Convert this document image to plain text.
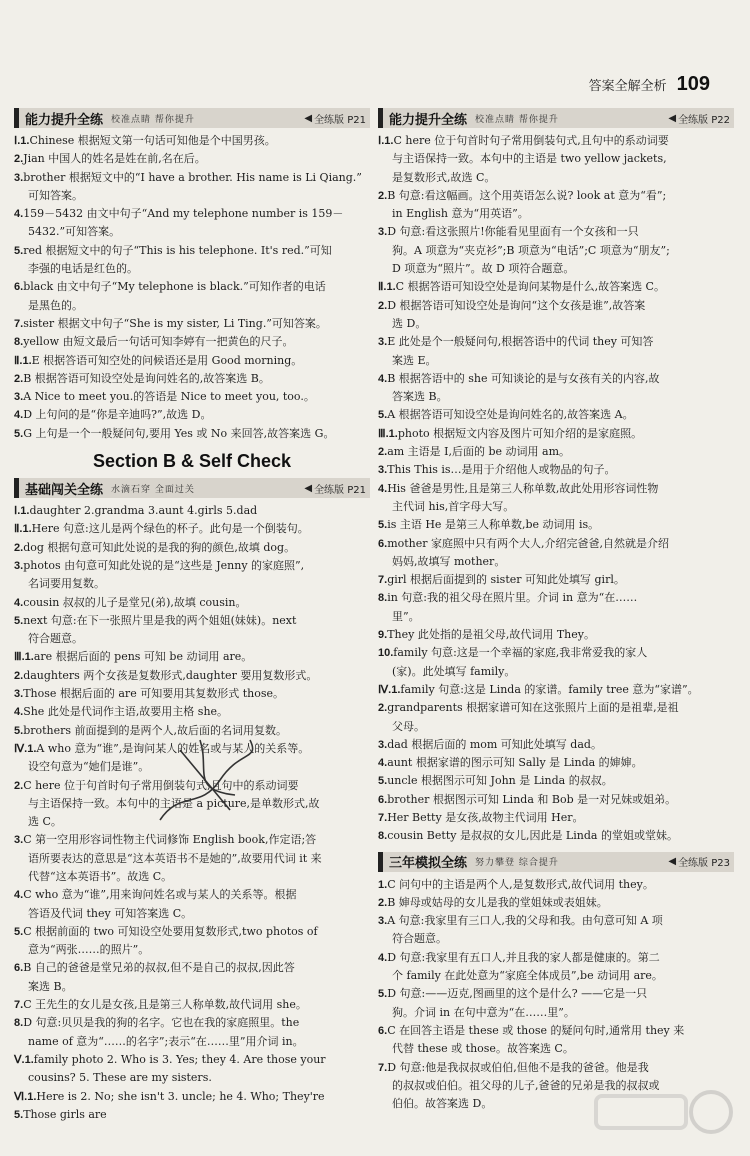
答案全解全析 109
能力提升全练 校准点睛 帮你提升	◀ 全练版 P21

Ⅰ.1.Chinese 根据短文第一句话可知他是个中国男孩。

2.Jian 中国人的姓名是姓在前,名在后。

3.brother 根据短文中的“I have a brother. His name is Li Qiang.”

可知答案。

4.159－5432 由文中句子“And my telephone number is 159－

5432.”可知答案。

5.red 根据短文中的句子“This is his telephone. It's red.”可知

李强的电话是红色的。

6.black 由文中句子“My telephone is black.”可知作者的电话

是黑色的。

7.sister 根据文中句子“She is my sister, Li Ting.”可知答案。

8.yellow 由短文最后一句话可知李婷有一把黄色的尺子。

Ⅱ.1.E 根据答语可知空处的问候语还是用 Good morning。

2.B 根据答语可知设空处是询问姓名的,故答案选 B。

3.A Nice to meet you.的答语是 Nice to meet you, too.。

4.D 上句问的是“你是辛迪吗?”,故选 D。

5.G 上句是一个一般疑问句,要用 Yes 或 No 来回答,故答案选 G。

Section B & Self Check
基础闯关全练 水滴石穿 全面过关	◀ 全练版 P21

Ⅰ.1.daughter 2.grandma 3.aunt 4.girls 5.dad

Ⅱ.1.Here 句意:这儿是两个绿色的杯子。此句是一个倒装句。

2.dog 根据句意可知此处说的是我的狗的颜色,故填 dog。

3.photos 由句意可知此处说的是“这些是 Jenny 的家庭照”,

名词要用复数。

4.cousin 叔叔的儿子是堂兄(弟),故填 cousin。

5.next 句意:在下一张照片里是我的两个姐姐(妹妹)。next

符合题意。

Ⅲ.1.are 根据后面的 pens 可知 be 动词用 are。

2.daughters 两个女孩是复数形式,daughter 要用复数形式。

3.Those 根据后面的 are 可知要用其复数形式 those。

4.She 此处是代词作主语,故要用主格 she。

5.brothers 前面提到的是两个人,故后面的名词用复数。

Ⅳ.1.A who 意为“谁”,是询问某人的姓名或与某人的关系等。

设空句意为“她们是谁”。

2.C here 位于句首时句子常用倒装句式,且句中的系动词要

与主语保持一致。本句中的主语是 a picture,是单数形式,故

选 C。

3.C 第一空用形容词性物主代词修饰 English book,作定语;答

语所要表达的意思是“这本英语书不是她的”,故要用代词 it 来

代替“这本英语书”。故选 C。

4.C who 意为“谁”,用来询问姓名或与某人的关系等。根据

答语及代词 they 可知答案选 C。

5.C 根据前面的 two 可知设空处要用复数形式,two photos of

意为“两张……的照片”。

6.B 自己的爸爸是堂兄弟的叔叔,但不是自己的叔叔,因此答

案选 B。

7.C 王先生的女儿是女孩,且是第三人称单数,故代词用 she。

8.D 句意:贝贝是我的狗的名字。它也在我的家庭照里。the

name of 意为“……的名字”;表示“在……里”用介词 in。

Ⅴ.1.family photo 2. Who is 3. Yes; they 4. Are those your

cousins? 5. These are my sisters.

Ⅵ.1.Here is 2. No; she isn't 3. uncle; he 4. Who; They're

5.Those girls are

能力提升全练 校准点睛 帮你提升	◀ 全练版 P22

Ⅰ.1.C here 位于句首时句子常用倒装句式,且句中的系动词要

与主语保持一致。本句中的主语是 two yellow jackets,

是复数形式,故选 C。

2.B 句意:看这幅画。这个用英语怎么说? look at 意为“看”;

in English 意为“用英语”。

3.D 句意:看这张照片!你能看见里面有一个女孩和一只

狗。A 项意为“夹克衫”;B 项意为“电话”;C 项意为“朋友”;

D 项意为“照片”。故 D 项符合题意。

Ⅱ.1.C 根据答语可知设空处是询问某物是什么,故答案选 C。

2.D 根据答语可知设空处是询问“这个女孩是谁”,故答案

选 D。

3.E 此处是个一般疑问句,根据答语中的代词 they 可知答

案选 E。

4.B 根据答语中的 she 可知谈论的是与女孩有关的内容,故

答案选 B。

5.A 根据答语可知设空处是询问姓名的,故答案选 A。

Ⅲ.1.photo 根据短文内容及图片可知介绍的是家庭照。

2.am 主语是 I,后面的 be 动词用 am。

3.This This is…是用于介绍他人或物品的句子。

4.His 爸爸是男性,且是第三人称单数,故此处用形容词性物

主代词 his,首字母大写。

5.is 主语 He 是第三人称单数,be 动词用 is。

6.mother 家庭照中只有两个大人,介绍完爸爸,自然就是介绍

妈妈,故填写 mother。

7.girl 根据后面提到的 sister 可知此处填写 girl。

8.in 句意:我的祖父母在照片里。介词 in 意为“在……

里”。

9.They 此处指的是祖父母,故代词用 They。

10.family 句意:这是一个幸福的家庭,我非常爱我的家人

(家)。此处填写 family。

Ⅳ.1.family 句意:这是 Linda 的家谱。family tree 意为“家谱”。

2.grandparents 根据家谱可知在这张照片上面的是祖辈,是祖

父母。

3.dad 根据后面的 mom 可知此处填写 dad。

4.aunt 根据家谱的图示可知 Sally 是 Linda 的婶婶。

5.uncle 根据图示可知 John 是 Linda 的叔叔。

6.brother 根据图示可知 Linda 和 Bob 是一对兄妹或姐弟。

7.Her Betty 是女孩,故物主代词用 Her。

8.cousin Betty 是叔叔的女儿,因此是 Linda 的堂姐或堂妹。

三年模拟全练 努力攀登 综合提升	◀ 全练版 P23

1.C 问句中的主语是两个人,是复数形式,故代词用 they。

2.B 婶母或姑母的女儿是我的堂姐妹或表姐妹。

3.A 句意:我家里有三口人,我的父母和我。由句意可知 A 项

符合题意。

4.D 句意:我家里有五口人,并且我的家人都是健康的。第二

个 family 在此处意为“家庭全体成员”,be 动词用 are。

5.D 句意:——迈克,图画里的这个是什么? ——它是一只

狗。介词 in 在句中意为“在……里”。

6.C 在回答主语是 these 或 those 的疑问句时,通常用 they 来

代替 these 或 those。故答案选 C。

7.D 句意:他是我叔叔或伯伯,但他不是我的爸爸。他是我

的叔叔或伯伯。祖父母的儿子,爸爸的兄弟是我的叔叔或

伯伯。故答案选 D。
